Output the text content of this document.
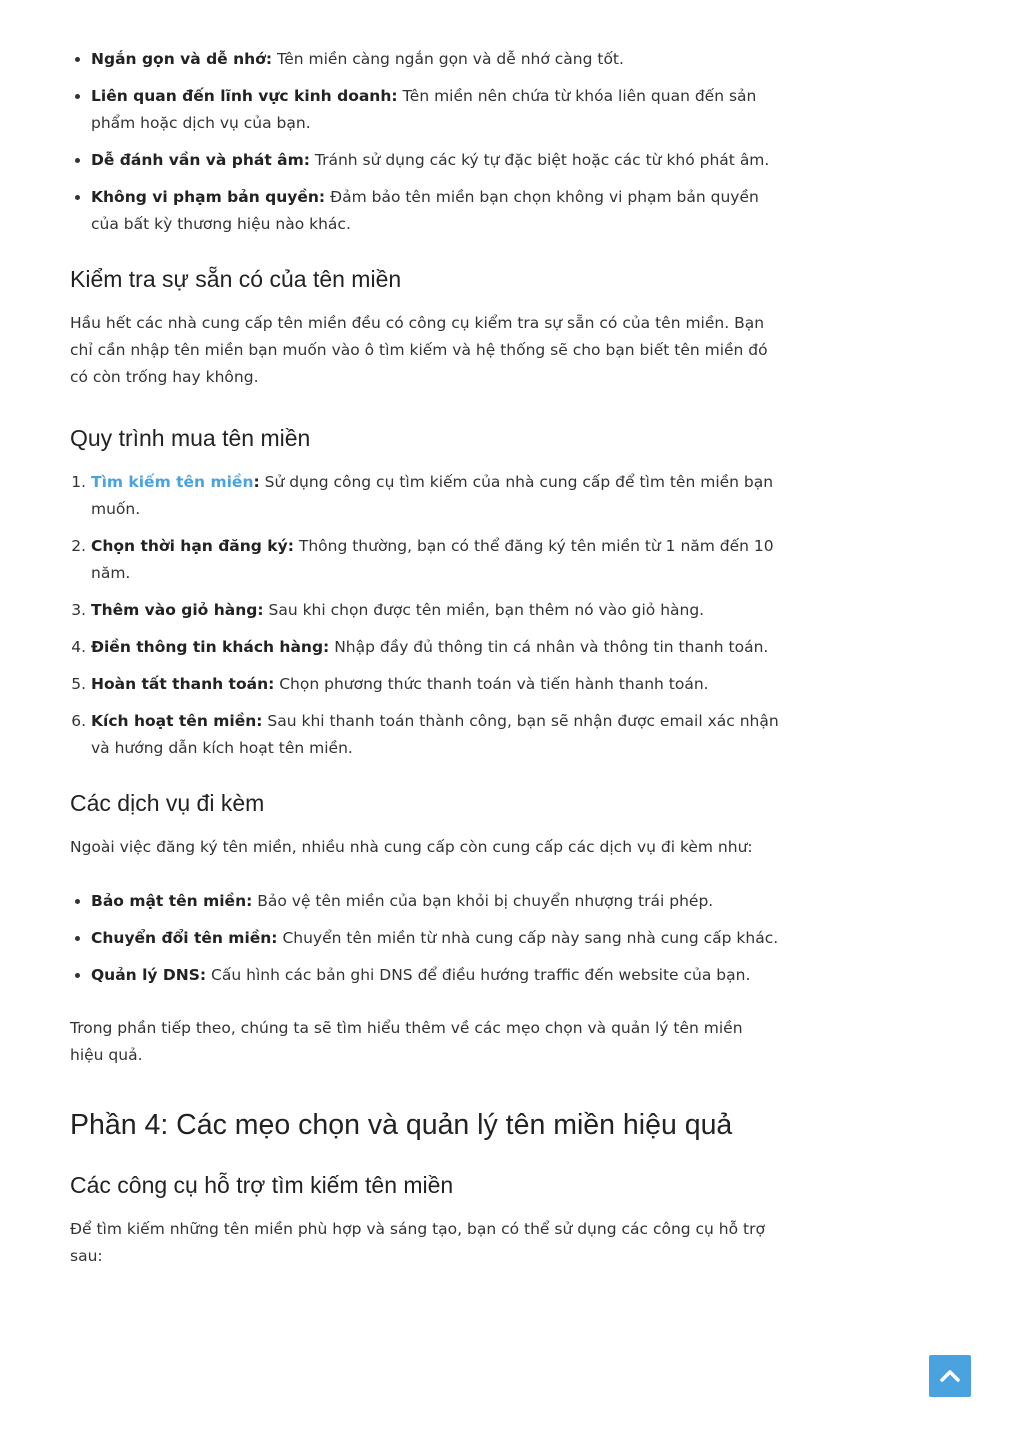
• Ngắn gọn và dễ nhớ: Tên miền càng ngắn gọn và dễ nhớ càng tốt.
• Liên quan đến lĩnh vực kinh doanh: Tên miền nên chứa từ khóa liên quan đến sản phẩm hoặc dịch vụ của bạn.
• Dễ đánh vần và phát âm: Tránh sử dụng các ký tự đặc biệt hoặc các từ khó phát âm.
• Không vi phạm bản quyền: Đảm bảo tên miền bạn chọn không vi phạm bản quyền của bất kỳ thương hiệu nào khác.
Kiểm tra sự sẵn có của tên miền

Hầu hết các nhà cung cấp tên miền đều có công cụ kiểm tra sự sẵn có của tên miền. Bạn chỉ cần nhập tên miền bạn muốn vào ô tìm kiếm và hệ thống sẽ cho bạn biết tên miền đó có còn trống hay không.

Quy trình mua tên miền
1. Tìm kiếm tên miền: Sử dụng công cụ tìm kiếm của nhà cung cấp để tìm tên miền bạn muốn.
2. Chọn thời hạn đăng ký: Thông thường, bạn có thể đăng ký tên miền từ 1 năm đến 10 năm.
3. Thêm vào giỏ hàng: Sau khi chọn được tên miền, bạn thêm nó vào giỏ hàng.
4. Điền thông tin khách hàng: Nhập đầy đủ thông tin cá nhân và thông tin thanh toán.
5. Hoàn tất thanh toán: Chọn phương thức thanh toán và tiến hành thanh toán.
6. Kích hoạt tên miền: Sau khi thanh toán thành công, bạn sẽ nhận được email xác nhận và hướng dẫn kích hoạt tên miền.
Các dịch vụ đi kèm

Ngoài việc đăng ký tên miền, nhiều nhà cung cấp còn cung cấp các dịch vụ đi kèm như:

• Bảo mật tên miền: Bảo vệ tên miền của bạn khỏi bị chuyển nhượng trái phép.
• Chuyển đổi tên miền: Chuyển tên miền từ nhà cung cấp này sang nhà cung cấp khác.
• Quản lý DNS: Cấu hình các bản ghi DNS để điều hướng traffic đến website của bạn.

Trong phần tiếp theo, chúng ta sẽ tìm hiểu thêm về các mẹo chọn và quản lý tên miền hiệu quả.

Phần 4: Các mẹo chọn và quản lý tên miền hiệu quả
Các công cụ hỗ trợ tìm kiếm tên miền

Để tìm kiếm những tên miền phù hợp và sáng tạo, bạn có thể sử dụng các công cụ hỗ trợ sau:
